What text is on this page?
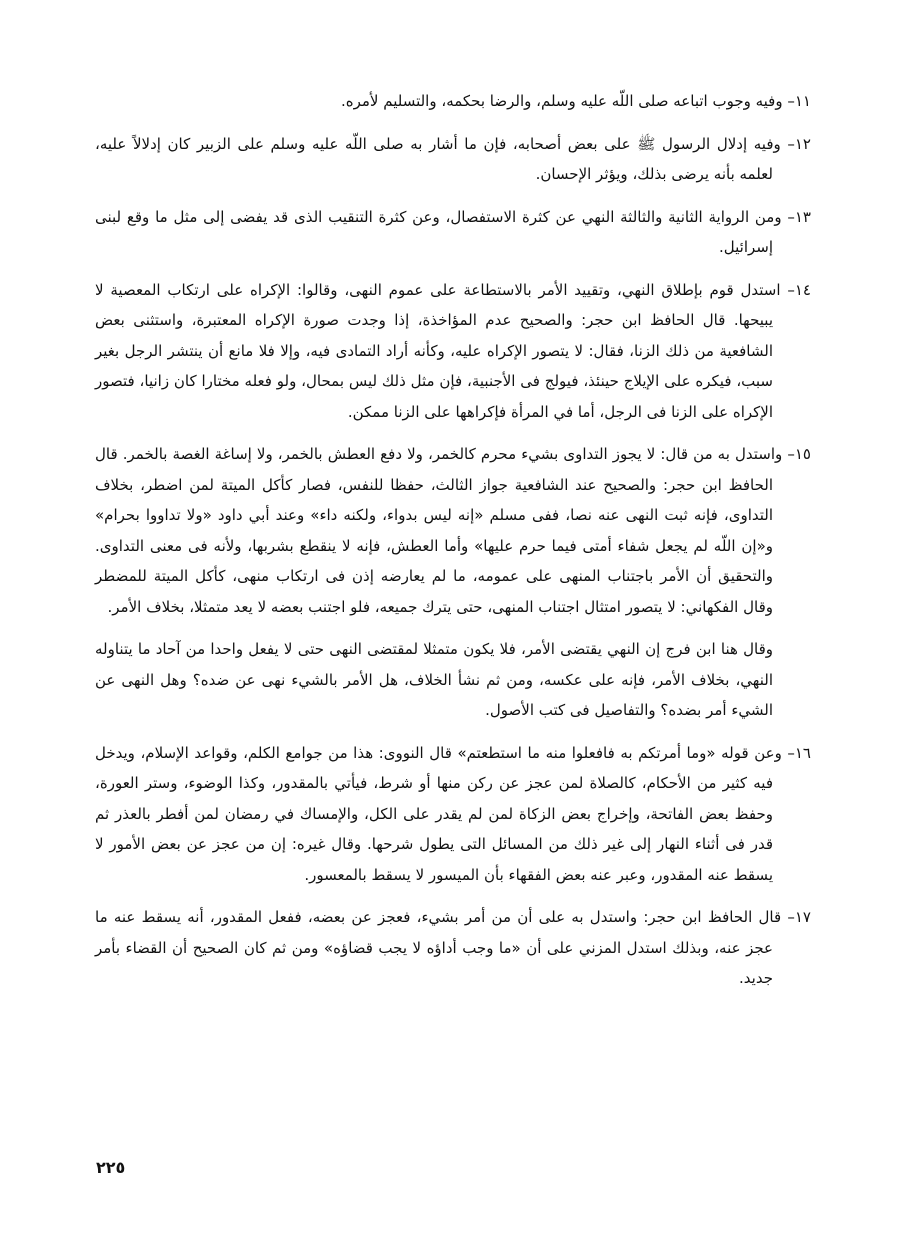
١١– وفيه وجوب اتباعه صلى اللّه عليه وسلم، والرضا بحكمه، والتسليم لأمره.

١٢– وفيه إدلال الرسول ﷺ على بعض أصحابه، فإن ما أشار به صلى اللّه عليه وسلم على الزبير كان إدلالاً عليه، لعلمه بأنه يرضى بذلك، ويؤثر الإحسان.

١٣– ومن الرواية الثانية والثالثة النهي عن كثرة الاستفصال، وعن كثرة التنقيب الذى قد يفضى إلى مثل ما وقع لبنى إسرائيل.

١٤– استدل قوم بإطلاق النهي، وتقييد الأمر بالاستطاعة على عموم النهى، وقالوا: الإكراه على ارتكاب المعصية لا يبيحها. قال الحافظ ابن حجر: والصحيح عدم المؤاخذة، إذا وجدت صورة الإكراه المعتبرة، واستثنى بعض الشافعية من ذلك الزنا، فقال: لا يتصور الإكراه عليه، وكأنه أراد التمادى فيه، وإلا فلا مانع أن ينتشر الرجل بغير سبب، فيكره على الإيلاج حينئذ، فيولج فى الأجنبية، فإن مثل ذلك ليس بمحال، ولو فعله مختارا كان زانيا، فتصور الإكراه على الزنا فى الرجل، أما في المرأة فإكراهها على الزنا ممكن.

١٥– واستدل به من قال: لا يجوز التداوى بشيء محرم كالخمر، ولا دفع العطش بالخمر، ولا إساغة الغصة بالخمر. قال الحافظ ابن حجر: والصحيح عند الشافعية جواز الثالث، حفظا للنفس، فصار كأكل الميتة لمن اضطر، بخلاف التداوى، فإنه ثبت النهى عنه نصا، ففى مسلم «إنه ليس بدواء، ولكنه داء» وعند أبي داود «ولا تداووا بحرام» و«إن اللّه لم يجعل شفاء أمتى فيما حرم عليها» وأما العطش، فإنه لا ينقطع بشربها، ولأنه فى معنى التداوى. والتحقيق أن الأمر باجتناب المنهى على عمومه، ما لم يعارضه إذن فى ارتكاب منهى، كأكل الميتة للمضطر وقال الفكهاني: لا يتصور امتثال اجتناب المنهى، حتى يترك جميعه، فلو اجتنب بعضه لا يعد متمثلا، بخلاف الأمر.

وقال هنا ابن فرج إن النهي يقتضى الأمر، فلا يكون متمثلا لمقتضى النهى حتى لا يفعل واحدا من آحاد ما يتناوله النهي، بخلاف الأمر، فإنه على عكسه، ومن ثم نشأ الخلاف، هل الأمر بالشيء نهى عن ضده؟ وهل النهى عن الشيء أمر بضده؟ والتفاصيل فى كتب الأصول.

١٦– وعن قوله «وما أمرتكم به فافعلوا منه ما استطعتم» قال النووى: هذا من جوامع الكلم، وقواعد الإسلام، ويدخل فيه كثير من الأحكام، كالصلاة لمن عجز عن ركن منها أو شرط، فيأتي بالمقدور، وكذا الوضوء، وستر العورة، وحفظ بعض الفاتحة، وإخراج بعض الزكاة لمن لم يقدر على الكل، والإمساك في رمضان لمن أفطر بالعذر ثم قدر فى أثناء النهار إلى غير ذلك من المسائل التى يطول شرحها. وقال غيره: إن من عجز عن بعض الأمور لا يسقط عنه المقدور، وعبر عنه بعض الفقهاء بأن الميسور لا يسقط بالمعسور.

١٧– قال الحافظ ابن حجر: واستدل به على أن من أمر بشيء، فعجز عن بعضه، ففعل المقدور، أنه يسقط عنه ما عجز عنه، وبذلك استدل المزني على أن «ما وجب أداؤه لا يجب قضاؤه» ومن ثم كان الصحيح أن القضاء بأمر جديد.

٢٢٥
